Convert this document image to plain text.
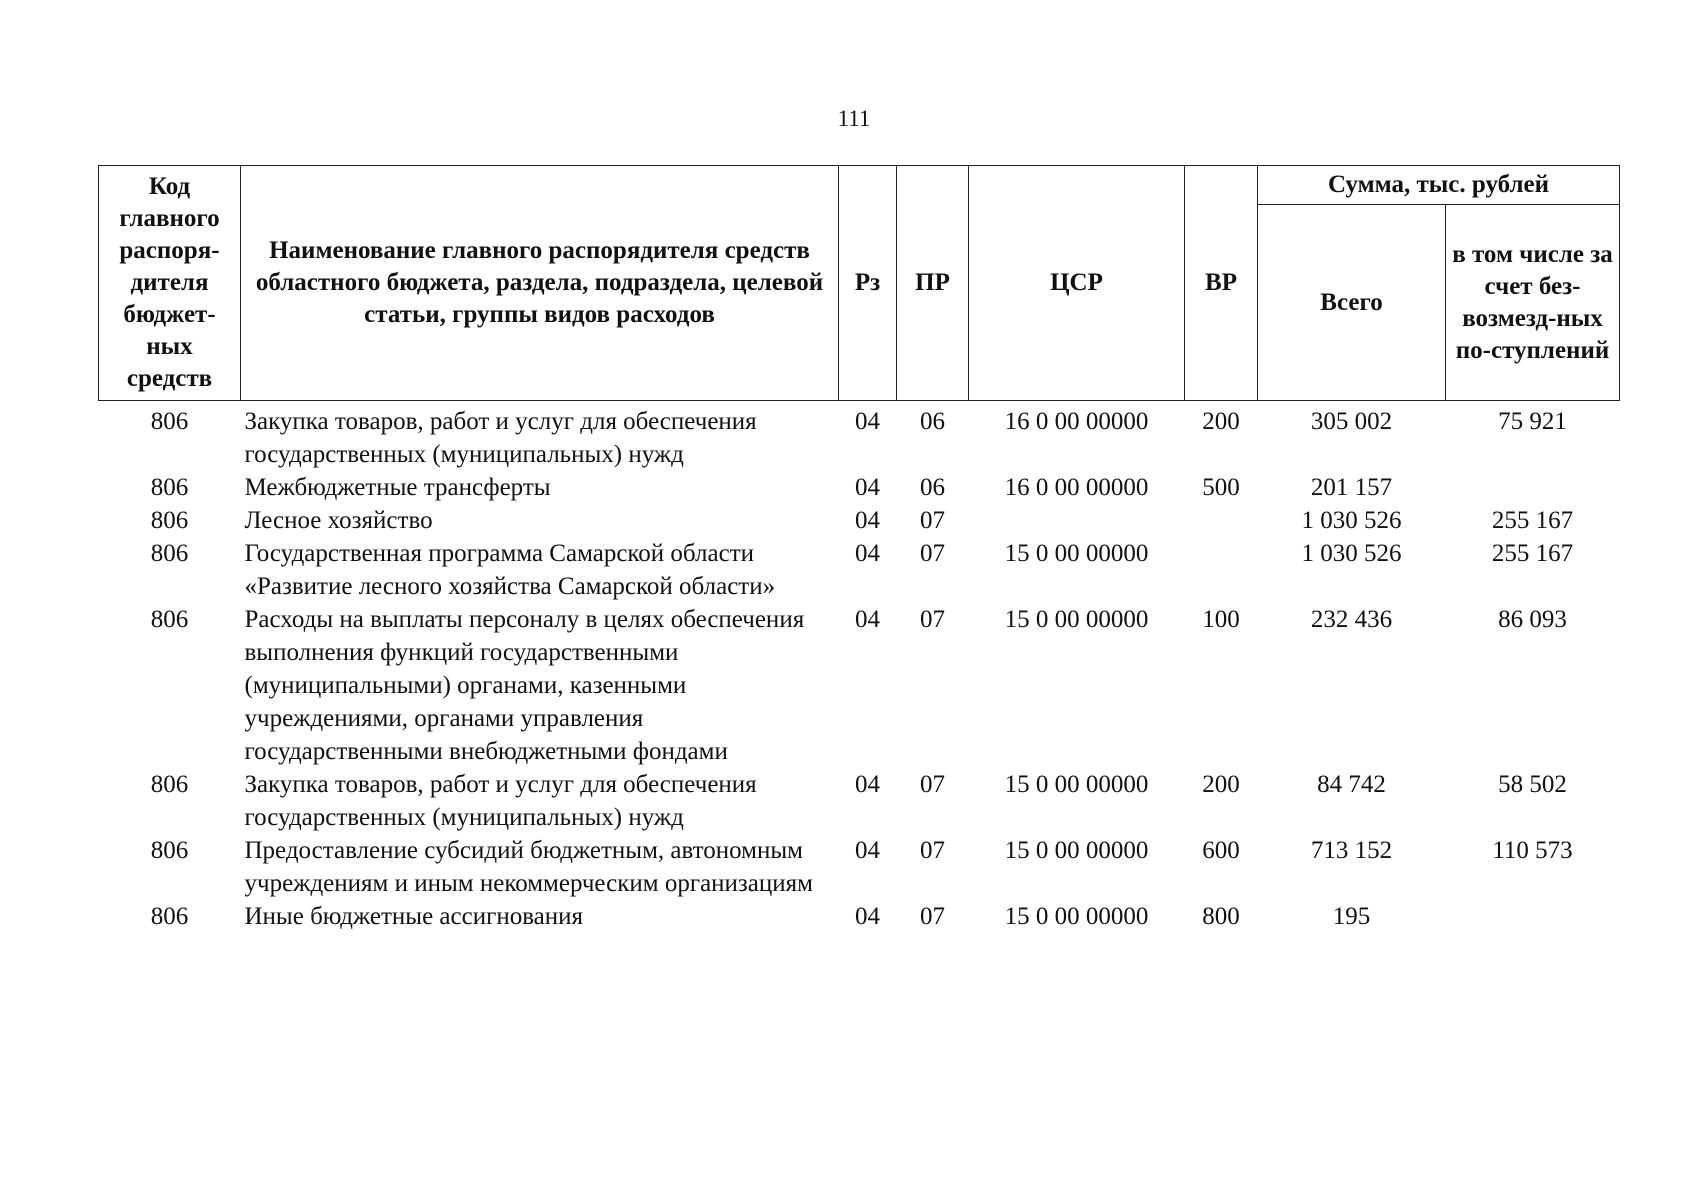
111
Код главного распоря-дителя бюджет-ных средств	Наименование главного распорядителя средств областного бюджета, раздела, подраздела, целевой статьи, группы видов расходов	Рз	ПР	ЦСР	ВР	Сумма, тыс. рублей	
						Всего	в том числе за счет без-возмезд-ных по-ступлений
806	Закупка товаров, работ и услуг для обеспечения государственных (муниципальных) нужд	04	06	16 0 00 00000	200	305 002	75 921
806	Межбюджетные трансферты	04	06	16 0 00 00000	500	201 157	
806	Лесное хозяйство	04	07			1 030 526	255 167
806	Государственная программа Самарской области «Развитие лесного хозяйства Самарской области»	04	07	15 0 00 00000		1 030 526	255 167
806	Расходы на выплаты персоналу в целях обеспечения выполнения функций государственными (муниципальными) органами, казенными учреждениями, органами управления государственными внебюджетными фондами	04	07	15 0 00 00000	100	232 436	86 093
806	Закупка товаров, работ и услуг для обеспечения государственных (муниципальных) нужд	04	07	15 0 00 00000	200	84 742	58 502
806	Предоставление субсидий бюджетным, автономным учреждениям и иным некоммерческим организациям	04	07	15 0 00 00000	600	713 152	110 573
806	Иные бюджетные ассигнования	04	07	15 0 00 00000	800	195	
